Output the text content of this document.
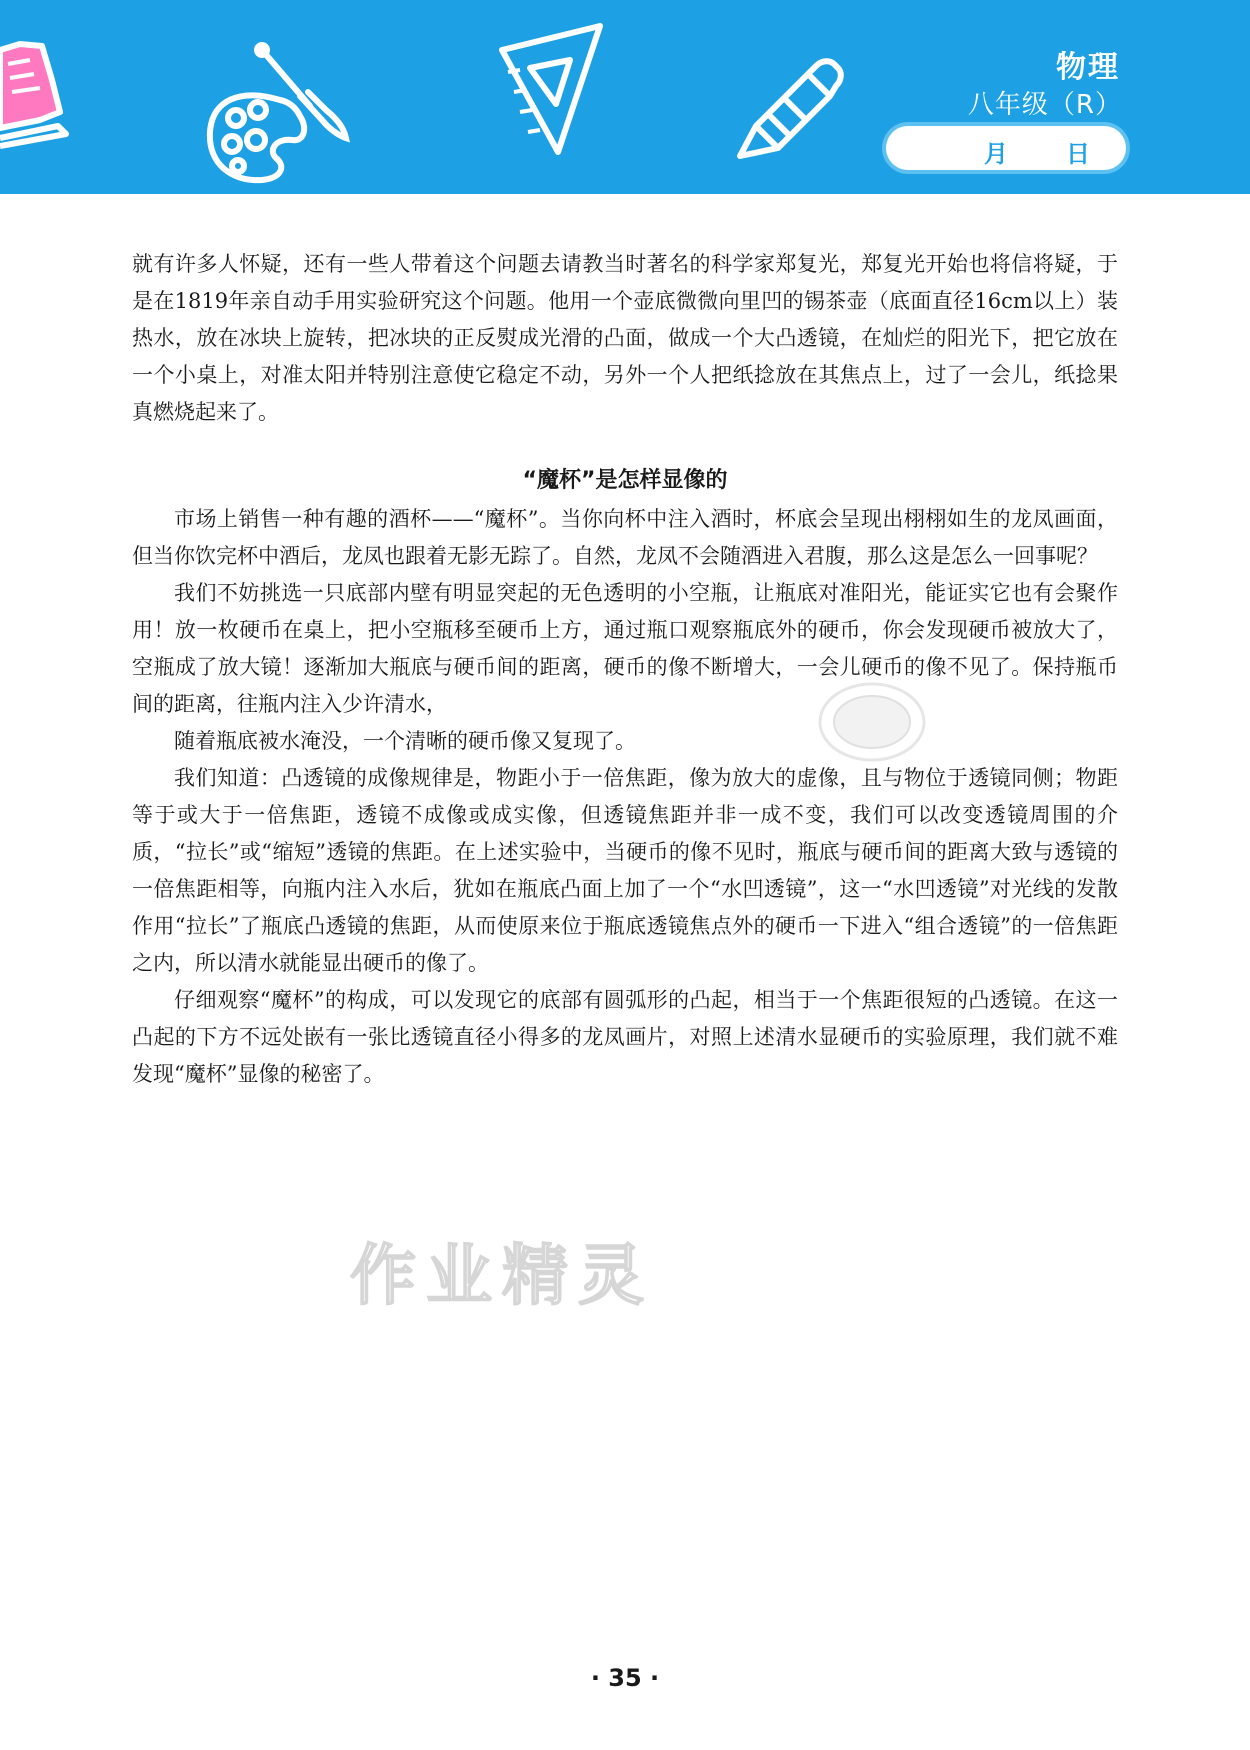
物理
八年级（R）
月 日

就有许多人怀疑，还有一些人带着这个问题去请教当时著名的科学家郑复光，郑复光开始也将信将疑，于是在1819年亲自动手用实验研究这个问题。他用一个壶底微微向里凹的锡茶壶（底面直径16cm以上）装热水，放在冰块上旋转，把冰块的正反熨成光滑的凸面，做成一个大凸透镜，在灿烂的阳光下，把它放在一个小桌上，对准太阳并特别注意使它稳定不动，另外一个人把纸捻放在其焦点上，过了一会儿，纸捻果真燃烧起来了。

“魔杯”是怎样显像的

市场上销售一种有趣的酒杯——“魔杯”。当你向杯中注入酒时，杯底会呈现出栩栩如生的龙凤画面，但当你饮完杯中酒后，龙凤也跟着无影无踪了。自然，龙凤不会随酒进入君腹，那么这是怎么一回事呢？

我们不妨挑选一只底部内壁有明显突起的无色透明的小空瓶，让瓶底对准阳光，能证实它也有会聚作用！放一枚硬币在桌上，把小空瓶移至硬币上方，通过瓶口观察瓶底外的硬币，你会发现硬币被放大了，空瓶成了放大镜！逐渐加大瓶底与硬币间的距离，硬币的像不断增大，一会儿硬币的像不见了。保持瓶币间的距离，往瓶内注入少许清水，

随着瓶底被水淹没，一个清晰的硬币像又复现了。

我们知道：凸透镜的成像规律是，物距小于一倍焦距，像为放大的虚像，且与物位于透镜同侧；物距等于或大于一倍焦距，透镜不成像或成实像，但透镜焦距并非一成不变，我们可以改变透镜周围的介质，“拉长”或“缩短”透镜的焦距。在上述实验中，当硬币的像不见时，瓶底与硬币间的距离大致与透镜的一倍焦距相等，向瓶内注入水后，犹如在瓶底凸面上加了一个“水凹透镜”，这一“水凹透镜”对光线的发散作用“拉长”了瓶底凸透镜的焦距，从而使原来位于瓶底透镜焦点外的硬币一下进入“组合透镜”的一倍焦距之内，所以清水就能显出硬币的像了。

仔细观察“魔杯”的构成，可以发现它的底部有圆弧形的凸起，相当于一个焦距很短的凸透镜。在这一凸起的下方不远处嵌有一张比透镜直径小得多的龙凤画片，对照上述清水显硬币的实验原理，我们就不难发现“魔杯”显像的秘密了。

作业精灵
· 35 ·
